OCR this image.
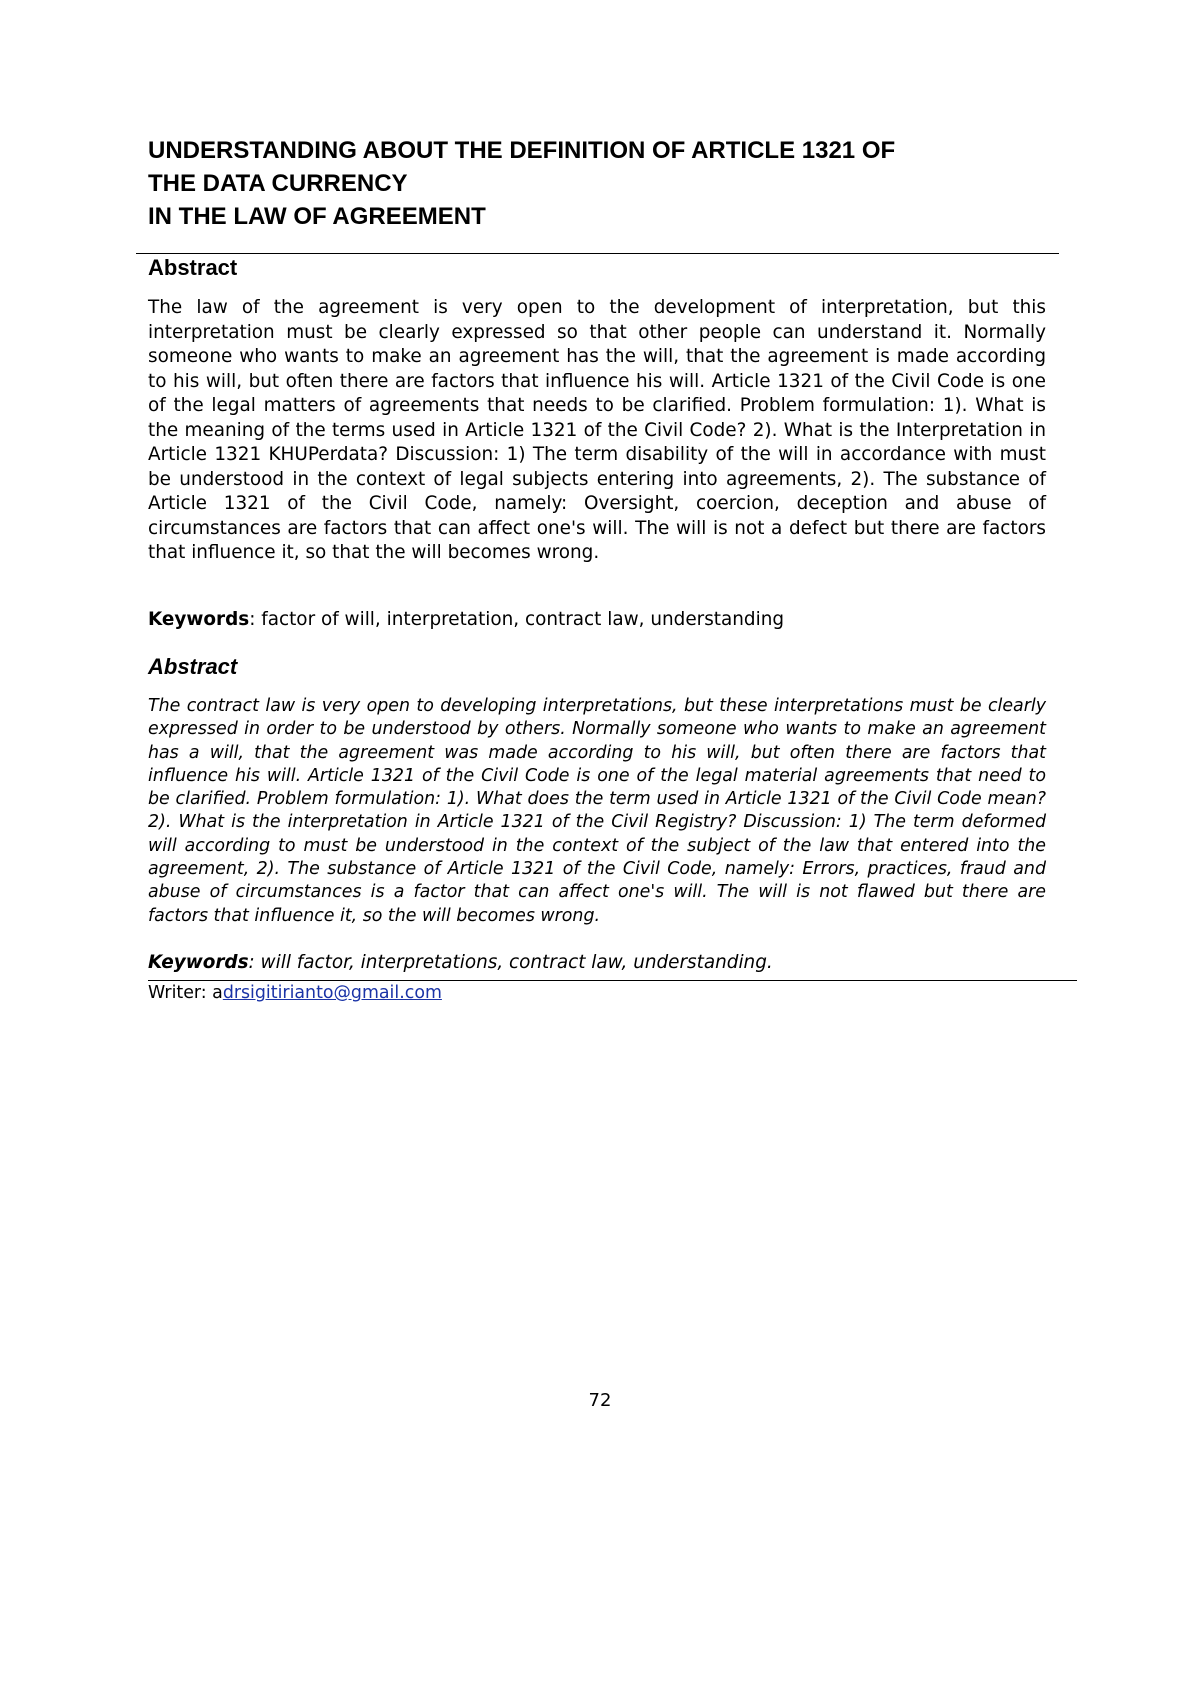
UNDERSTANDING ABOUT THE DEFINITION OF ARTICLE 1321 OF
THE DATA CURRENCY
IN THE LAW OF AGREEMENT
Abstract

The law of the agreement is very open to the development of interpretation, but this interpretation must be clearly expressed so that other people can understand it. Normally someone who wants to make an agreement has the will, that the agreement is made according to his will, but often there are factors that influence his will. Article 1321 of the Civil Code is one of the legal matters of agreements that needs to be clarified. Problem formulation: 1). What is the meaning of the terms used in Article 1321 of the Civil Code? 2). What is the Interpretation in Article 1321 KHUPerdata? Discussion: 1) The term disability of the will in accordance with must be understood in the context of legal subjects entering into agreements, 2). The substance of Article 1321 of the Civil Code, namely: Oversight, coercion, deception and abuse of circumstances are factors that can affect one's will. The will is not a defect but there are factors that influence it, so that the will becomes wrong.

Keywords: factor of will, interpretation, contract law, understanding

Abstract

The contract law is very open to developing interpretations, but these interpretations must be clearly expressed in order to be understood by others. Normally someone who wants to make an agreement has a will, that the agreement was made according to his will, but often there are factors that influence his will. Article 1321 of the Civil Code is one of the legal material agreements that need to be clarified. Problem formulation: 1). What does the term used in Article 1321 of the Civil Code mean? 2). What is the interpretation in Article 1321 of the Civil Registry? Discussion: 1) The term deformed will according to must be understood in the context of the subject of the law that entered into the agreement, 2). The substance of Article 1321 of the Civil Code, namely: Errors, practices, fraud and abuse of circumstances is a factor that can affect one's will. The will is not flawed but there are factors that influence it, so the will becomes wrong.

Keywords: will factor, interpretations, contract law, understanding.

Writer: adrsigitirianto@gmail.com

72
